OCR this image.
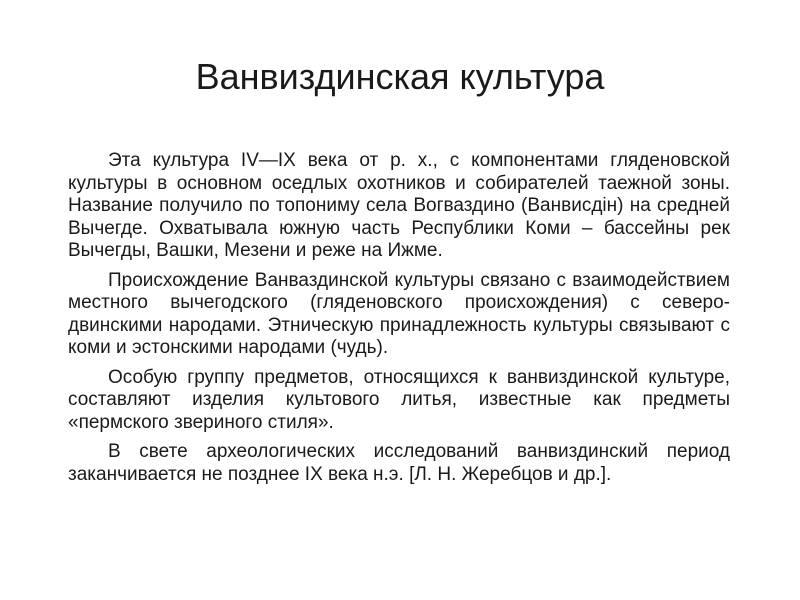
Ванвиздинская культура

Эта культура IV—IX века от р. х., с компонентами гляденовской культуры в основном оседлых охотников и собирателей таежной зоны. Название получило по топониму села Вогваздино (Ванвисдін) на средней Вычегде. Охватывала южную часть Республики Коми – бассейны рек Вычегды, Вашки, Мезени и реже на Ижме.

Происхождение Ванваздинской культуры связано с взаимодействием местного вычегодского (гляденовского происхождения) с северо-двинскими народами. Этническую принадлежность культуры связывают с коми и эстонскими народами (чудь).

Особую группу предметов, относящихся к ванвиздинской культуре, составляют изделия культового литья, известные как предметы «пермского звериного стиля».

В свете археологических исследований ванвиздинский период заканчивается не позднее IX века н.э. [Л. Н. Жеребцов и др.].
